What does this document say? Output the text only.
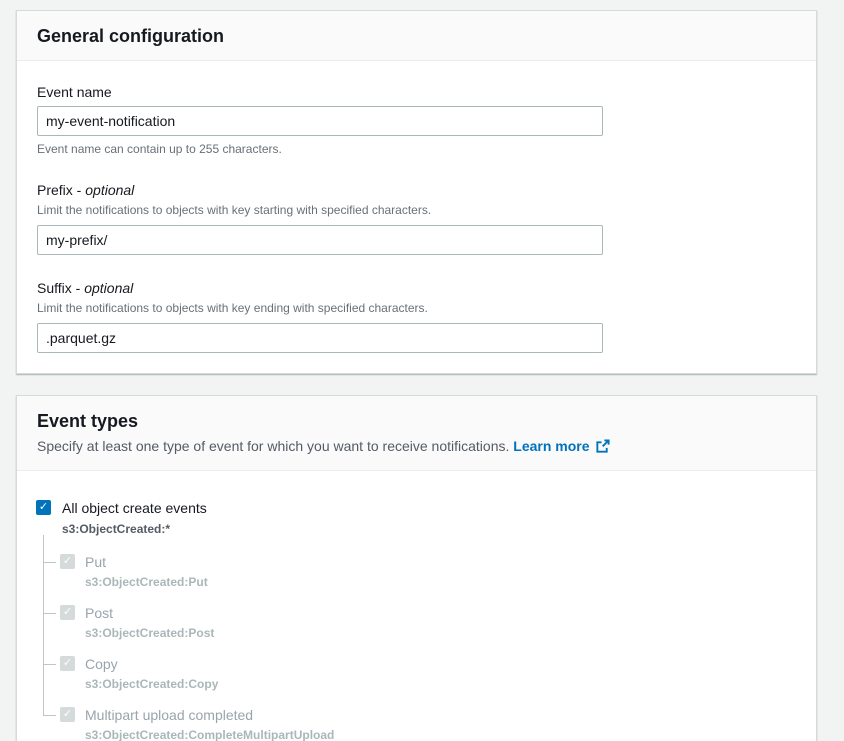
General configuration
Event name
my-event-notification
Event name can contain up to 255 characters.
Prefix - optional
Limit the notifications to objects with key starting with specified characters.
my-prefix/
Suffix - optional
Limit the notifications to objects with key ending with specified characters.
.parquet.gz
Event types
Specify at least one type of event for which you want to receive notifications. Learn more
✓ All object create events
s3:ObjectCreated:*
✓ Put
s3:ObjectCreated:Put
✓ Post
s3:ObjectCreated:Post
✓ Copy
s3:ObjectCreated:Copy
✓ Multipart upload completed
s3:ObjectCreated:CompleteMultipartUpload
